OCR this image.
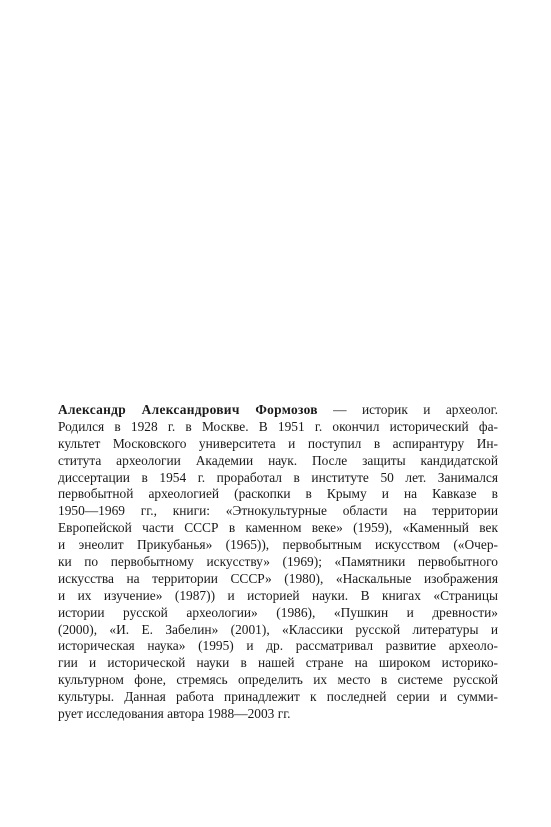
Александр Александрович Формозов — историк и археолог.
Родился в 1928 г. в Москве. В 1951 г. окончил исторический фа-
культет Московского университета и поступил в аспирантуру Ин-
ститута археологии Академии наук. После защиты кандидатской
диссертации в 1954 г. проработал в институте 50 лет. Занимался
первобытной археологией (раскопки в Крыму и на Кавказе в
1950—1969 гг., книги: «Этнокультурные области на территории
Европейской части СССР в каменном веке» (1959), «Каменный век
и энеолит Прикубанья» (1965)), первобытным искусством («Очер-
ки по первобытному искусству» (1969); «Памятники первобытного
искусства на территории СССР» (1980), «Наскальные изображения
и их изучение» (1987)) и историей науки. В книгах «Страницы
истории русской археологии» (1986), «Пушкин и древности»
(2000), «И. Е. Забелин» (2001), «Классики русской литературы и
историческая наука» (1995) и др. рассматривал развитие археоло-
гии и исторической науки в нашей стране на широком историко-
культурном фоне, стремясь определить их место в системе русской
культуры. Данная работа принадлежит к последней серии и сумми-
рует исследования автора 1988—2003 гг.
